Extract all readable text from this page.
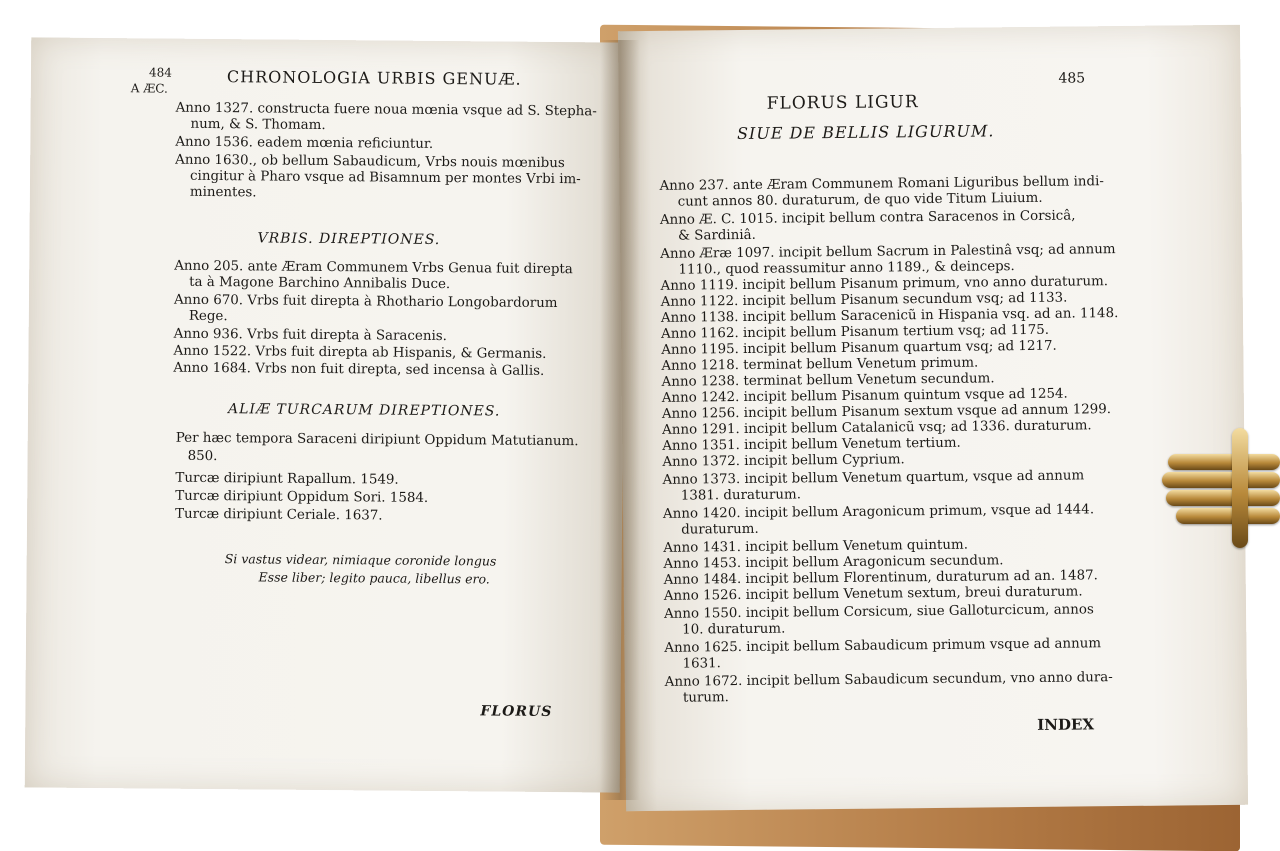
484
A ÆC.	CHRONOLOGIA URBIS GENUÆ.
Anno 1327. constructa fuere noua mœnia vsque ad S. Stepha-
num, & S. Thomam.
Anno 1536. eadem mœnia reficiuntur.
Anno 1630., ob bellum Sabaudicum, Vrbs nouis mœnibus
cingitur à Pharo vsque ad Bisamnum per montes Vrbi im-
minentes.
VRBIS. DIREPTIONES.
Anno 205. ante Æram Communem Vrbs Genua fuit direpta
ta à Magone Barchino Annibalis Duce.
Anno 670. Vrbs fuit direpta à Rhothario Longobardorum
Rege.
Anno 936. Vrbs fuit direpta à Saracenis.
Anno 1522. Vrbs fuit direpta ab Hispanis, & Germanis.
Anno 1684. Vrbs non fuit direpta, sed incensa à Gallis.
ALIÆ TURCARUM DIREPTIONES.
Per hæc tempora Saraceni diripiunt Oppidum Matutianum.
850.
Turcæ diripiunt Rapallum. 1549.
Turcæ diripiunt Oppidum Sori. 1584.
Turcæ diripiunt Ceriale. 1637.
Si vastus videar, nimiaque coronide longus
Esse liber; legito pauca, libellus ero.
FLORUS
485
FLORUS LIGUR
SIUE DE BELLIS LIGURUM.
Anno 237. ante Æram Communem Romani Liguribus bellum indi-
cunt annos 80. duraturum, de quo vide Titum Liuium.
Anno Æ. C. 1015. incipit bellum contra Saracenos in Corsicâ,
& Sardiniâ.
Anno Æræ 1097. incipit bellum Sacrum in Palestinâ vsq; ad annum
1110., quod reassumitur anno 1189., & deinceps.
Anno 1119. incipit bellum Pisanum primum, vno anno duraturum.
Anno 1122. incipit bellum Pisanum secundum vsq; ad 1133.
Anno 1138. incipit bellum Saracenicũ in Hispania vsq. ad an. 1148.
Anno 1162. incipit bellum Pisanum tertium vsq; ad 1175.
Anno 1195. incipit bellum Pisanum quartum vsq; ad 1217.
Anno 1218. terminat bellum Venetum primum.
Anno 1238. terminat bellum Venetum secundum.
Anno 1242. incipit bellum Pisanum quintum vsque ad 1254.
Anno 1256. incipit bellum Pisanum sextum vsque ad annum 1299.
Anno 1291. incipit bellum Catalanicũ vsq; ad 1336. duraturum.
Anno 1351. incipit bellum Venetum tertium.
Anno 1372. incipit bellum Cyprium.
Anno 1373. incipit bellum Venetum quartum, vsque ad annum
1381. duraturum.
Anno 1420. incipit bellum Aragonicum primum, vsque ad 1444.
duraturum.
Anno 1431. incipit bellum Venetum quintum.
Anno 1453. incipit bellum Aragonicum secundum.
Anno 1484. incipit bellum Florentinum, duraturum ad an. 1487.
Anno 1526. incipit bellum Venetum sextum, breui duraturum.
Anno 1550. incipit bellum Corsicum, siue Galloturcicum, annos
10. duraturum.
Anno 1625. incipit bellum Sabaudicum primum vsque ad annum
1631.
Anno 1672. incipit bellum Sabaudicum secundum, vno anno dura-
turum.
INDEX
